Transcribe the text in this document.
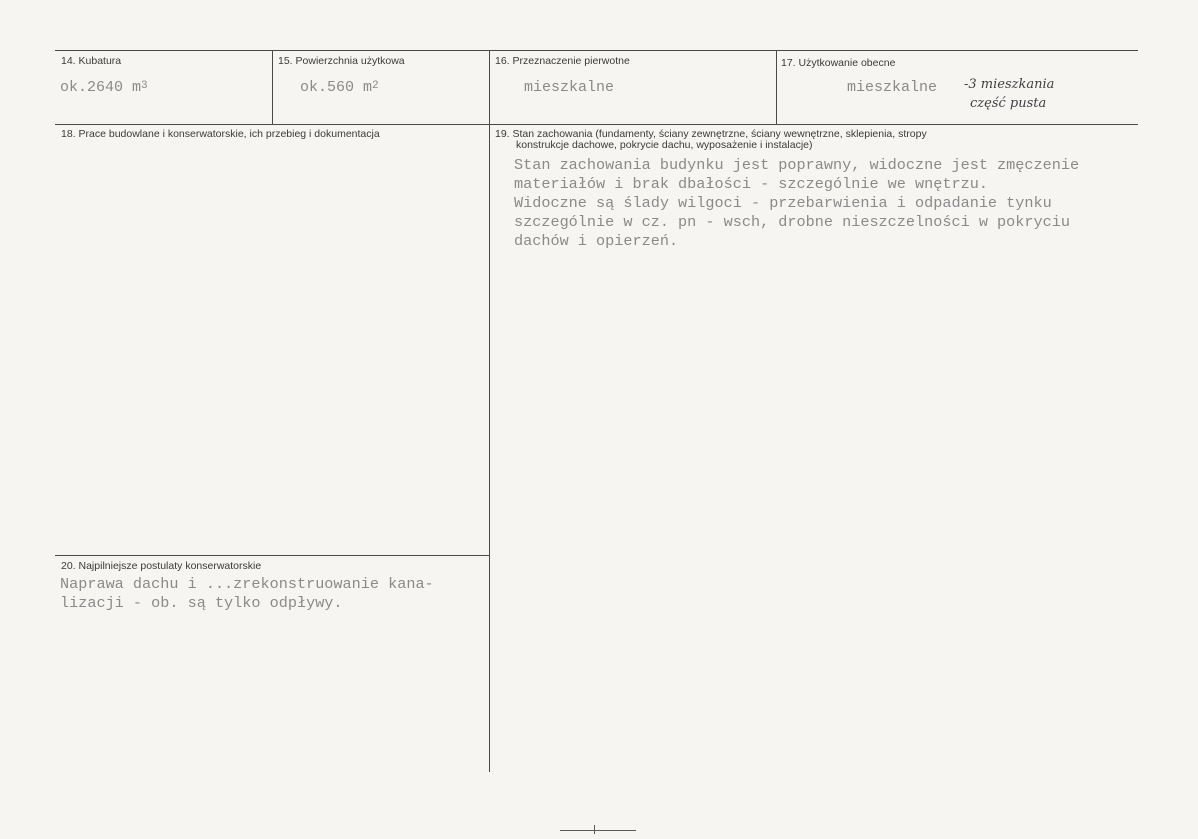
14. Kubatura
ok.2640 $m^3$
15. Powierzchnia użytkowa
ok.560 $m^2$
16. Przeznaczenie pierwotne
mieszkalne
17. Użytkowanie obecne
mieszkalne -3 mieszkania
część pusta
18. Prace budowlane i konserwatorskie, ich przebieg i dokumentacja	19. Stan zachowania (fundamenty, ściany zewnętrzne, ściany wewnętrzne, sklepienia, stropy
konstrukcje dachowe, pokrycie dachu, wyposażenie i instalacje)
Stan zachowania budynku jest poprawny, widoczne jest zmęczenie
materiałów i brak dbałości - szczególnie we wnętrzu.
Widoczne są ślady wilgoci - przebarwienia i odpadanie tynku
szczególnie w cz. pn - wsch, drobne nieszczelności w pokryciu
dachów i opierzeń.
20. Najpilniejsze postulaty konserwatorskie
Naprawa dachu i ...zrekonstruowanie kana-
lizacji - ob. są tylko odpływy.
